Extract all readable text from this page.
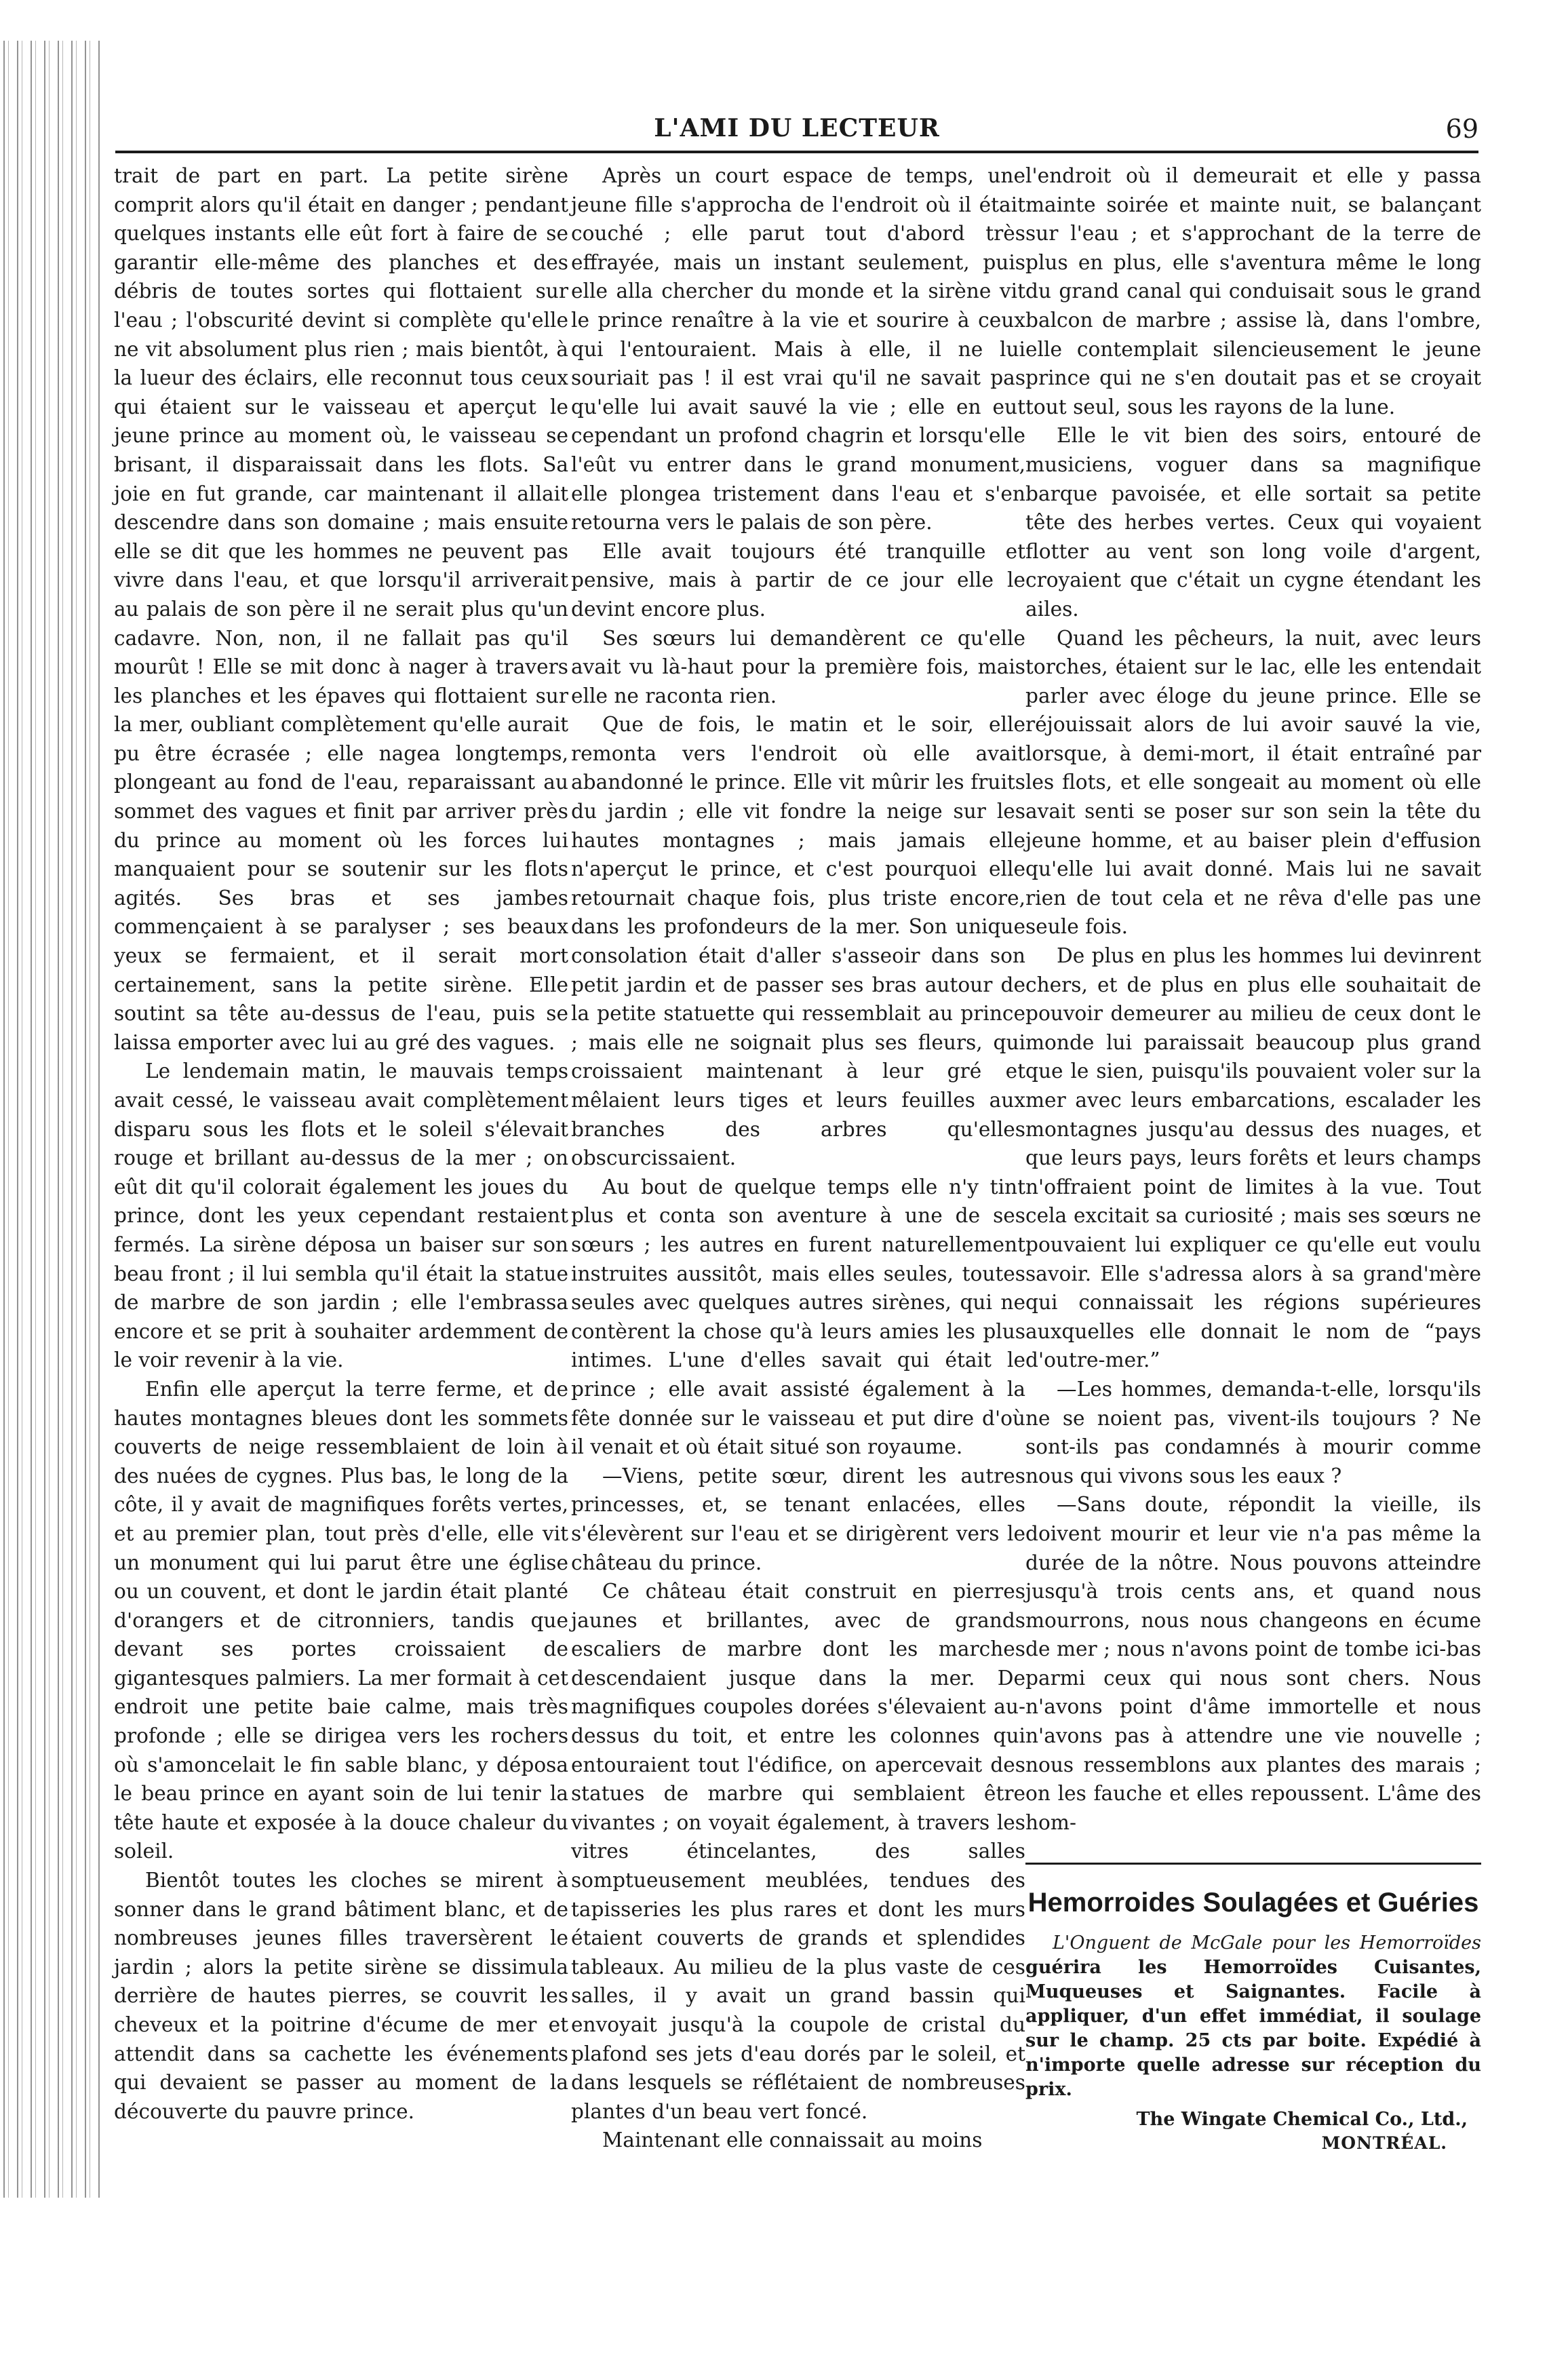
L'AMI DU LECTEUR	69

trait de part en part. La petite sirène comprit alors qu'il était en danger ; pendant quelques instants elle eût fort à faire de se garantir elle-même des planches et des débris de toutes sortes qui flottaient sur l'eau ; l'obscurité devint si complète qu'elle ne vit absolument plus rien ; mais bientôt, à la lueur des éclairs, elle reconnut tous ceux qui étaient sur le vaisseau et aperçut le jeune prince au moment où, le vaisseau se brisant, il disparaissait dans les flots. Sa joie en fut grande, car maintenant il allait descendre dans son domaine ; mais ensuite elle se dit que les hommes ne peuvent pas vivre dans l'eau, et que lorsqu'il arriverait au palais de son père il ne serait plus qu'un cadavre. Non, non, il ne fallait pas qu'il mourût ! Elle se mit donc à nager à travers les planches et les épaves qui flottaient sur la mer, oubliant complètement qu'elle aurait pu être écrasée ; elle nagea longtemps, plongeant au fond de l'eau, reparaissant au sommet des vagues et finit par arriver près du prince au moment où les forces lui manquaient pour se soutenir sur les flots agités. Ses bras et ses jambes commençaient à se paralyser ; ses beaux yeux se fermaient, et il serait mort certainement, sans la petite sirène. Elle soutint sa tête au-dessus de l'eau, puis se laissa emporter avec lui au gré des vagues.

Le lendemain matin, le mauvais temps avait cessé, le vaisseau avait complètement disparu sous les flots et le soleil s'élevait rouge et brillant au-dessus de la mer ; on eût dit qu'il colorait également les joues du prince, dont les yeux cependant restaient fermés. La sirène déposa un baiser sur son beau front ; il lui sembla qu'il était la statue de marbre de son jardin ; elle l'embrassa encore et se prit à souhaiter ardemment de le voir revenir à la vie.

Enfin elle aperçut la terre ferme, et de hautes montagnes bleues dont les sommets couverts de neige ressemblaient de loin à des nuées de cygnes. Plus bas, le long de la côte, il y avait de magnifiques forêts vertes, et au premier plan, tout près d'elle, elle vit un monument qui lui parut être une église ou un couvent, et dont le jardin était planté d'orangers et de citronniers, tandis que devant ses portes croissaient de gigantesques palmiers. La mer formait à cet endroit une petite baie calme, mais très profonde ; elle se dirigea vers les rochers où s'amoncelait le fin sable blanc, y déposa le beau prince en ayant soin de lui tenir la tête haute et exposée à la douce chaleur du soleil.

Bientôt toutes les cloches se mirent à sonner dans le grand bâtiment blanc, et de nombreuses jeunes filles traversèrent le jardin ; alors la petite sirène se dissimula derrière de hautes pierres, se couvrit les cheveux et la poitrine d'écume de mer et attendit dans sa cachette les événements qui devaient se passer au moment de la découverte du pauvre prince.

Après un court espace de temps, une jeune fille s'approcha de l'endroit où il était couché ; elle parut tout d'abord très effrayée, mais un instant seulement, puis elle alla chercher du monde et la sirène vit le prince renaître à la vie et sourire à ceux qui l'entouraient. Mais à elle, il ne lui souriait pas ! il est vrai qu'il ne savait pas qu'elle lui avait sauvé la vie ; elle en eut cependant un profond chagrin et lorsqu'elle l'eût vu entrer dans le grand monument, elle plongea tristement dans l'eau et s'en retourna vers le palais de son père.

Elle avait toujours été tranquille et pensive, mais à partir de ce jour elle le devint encore plus.

Ses sœurs lui demandèrent ce qu'elle avait vu là-haut pour la première fois, mais elle ne raconta rien.

Que de fois, le matin et le soir, elle remonta vers l'endroit où elle avait abandonné le prince. Elle vit mûrir les fruits du jardin ; elle vit fondre la neige sur les hautes montagnes ; mais jamais elle n'aperçut le prince, et c'est pourquoi elle retournait chaque fois, plus triste encore, dans les profondeurs de la mer. Son unique consolation était d'aller s'asseoir dans son petit jardin et de passer ses bras autour de la petite statuette qui ressemblait au prince ; mais elle ne soignait plus ses fleurs, qui croissaient maintenant à leur gré et mêlaient leurs tiges et leurs feuilles aux branches des arbres qu'elles obscurcissaient.

Au bout de quelque temps elle n'y tint plus et conta son aventure à une de ses sœurs ; les autres en furent naturellement instruites aussitôt, mais elles seules, toutes seules avec quelques autres sirènes, qui ne contèrent la chose qu'à leurs amies les plus intimes. L'une d'elles savait qui était le prince ; elle avait assisté également à la fête donnée sur le vaisseau et put dire d'où il venait et où était situé son royaume.

—Viens, petite sœur, dirent les autres princesses, et, se tenant enlacées, elles s'élevèrent sur l'eau et se dirigèrent vers le château du prince.

Ce château était construit en pierres jaunes et brillantes, avec de grands escaliers de marbre dont les marches descendaient jusque dans la mer. De magnifiques coupoles dorées s'élevaient au-dessus du toit, et entre les colonnes qui entouraient tout l'édifice, on apercevait des statues de marbre qui semblaient être vivantes ; on voyait également, à travers les vitres étincelantes, des salles somptueusement meublées, tendues des tapisseries les plus rares et dont les murs étaient couverts de grands et splendides tableaux. Au milieu de la plus vaste de ces salles, il y avait un grand bassin qui envoyait jusqu'à la coupole de cristal du plafond ses jets d'eau dorés par le soleil, et dans lesquels se réflétaient de nombreuses plantes d'un beau vert foncé.

Maintenant elle connaissait au moins

l'endroit où il demeurait et elle y passa mainte soirée et mainte nuit, se balançant sur l'eau ; et s'approchant de la terre de plus en plus, elle s'aventura même le long du grand canal qui conduisait sous le grand balcon de marbre ; assise là, dans l'ombre, elle contemplait silencieusement le jeune prince qui ne s'en doutait pas et se croyait tout seul, sous les rayons de la lune.

Elle le vit bien des soirs, entouré de musiciens, voguer dans sa magnifique barque pavoisée, et elle sortait sa petite tête des herbes vertes. Ceux qui voyaient flotter au vent son long voile d'argent, croyaient que c'était un cygne étendant les ailes.

Quand les pêcheurs, la nuit, avec leurs torches, étaient sur le lac, elle les entendait parler avec éloge du jeune prince. Elle se réjouissait alors de lui avoir sauvé la vie, lorsque, à demi-mort, il était entraîné par les flots, et elle songeait au moment où elle avait senti se poser sur son sein la tête du jeune homme, et au baiser plein d'effusion qu'elle lui avait donné. Mais lui ne savait rien de tout cela et ne rêva d'elle pas une seule fois.

De plus en plus les hommes lui devinrent chers, et de plus en plus elle souhaitait de pouvoir demeurer au milieu de ceux dont le monde lui paraissait beaucoup plus grand que le sien, puisqu'ils pouvaient voler sur la mer avec leurs embarcations, escalader les montagnes jusqu'au dessus des nuages, et que leurs pays, leurs forêts et leurs champs n'offraient point de limites à la vue. Tout cela excitait sa curiosité ; mais ses sœurs ne pouvaient lui expliquer ce qu'elle eut voulu savoir. Elle s'adressa alors à sa grand'mère qui connaissait les régions supérieures auxquelles elle donnait le nom de “pays d'outre-mer.”

—Les hommes, demanda-t-elle, lorsqu'ils ne se noient pas, vivent-ils toujours ? Ne sont-ils pas condamnés à mourir comme nous qui vivons sous les eaux ?

—Sans doute, répondit la vieille, ils doivent mourir et leur vie n'a pas même la durée de la nôtre. Nous pouvons atteindre jusqu'à trois cents ans, et quand nous mourrons, nous nous changeons en écume de mer ; nous n'avons point de tombe ici-bas parmi ceux qui nous sont chers. Nous n'avons point d'âme immortelle et nous n'avons pas à attendre une vie nouvelle ; nous ressemblons aux plantes des marais ; on les fauche et elles repoussent. L'âme des hom-

Hemorroides Soulagées et Guéries
L'Onguent de McGale pour les Hemorroïdes guérira les Hemorroïdes Cuisantes, Muqueuses et Saignantes. Facile à appliquer, d'un effet immédiat, il soulage sur le champ. 25 cts par boite. Expédié à n'importe quelle adresse sur réception du prix.
The Wingate Chemical Co., Ltd.,
MONTRÉAL.
